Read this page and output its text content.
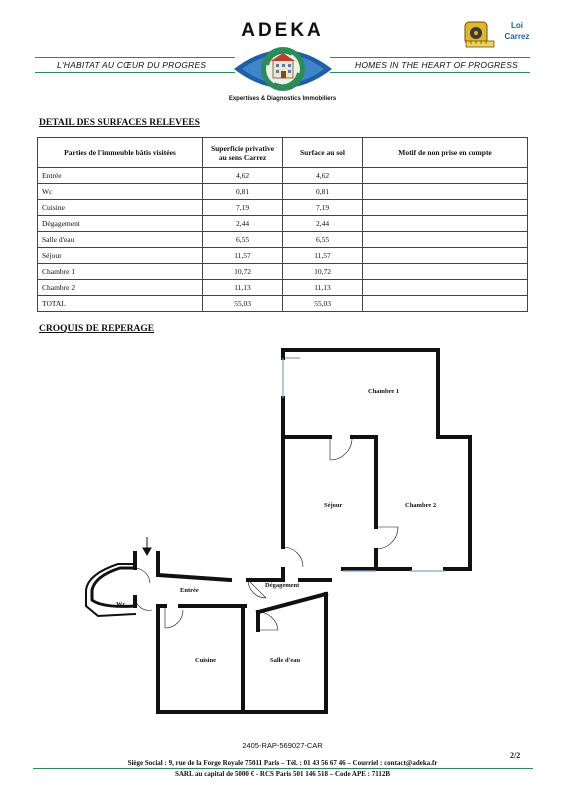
ADEKA
L'HABITAT AU CŒUR DU PROGRES	HOMES IN THE HEART OF PROGRESS
Expertises & Diagnostics Immobiliers
Loi
Carrez
DETAIL DES SURFACES RELEVEES
Parties de l'immeuble bâtis visitées	Superficie privative au sens Carrez	Surface au sol	Motif de non prise en compte
Entrée	4,62	4,62	
Wc	0,81	0,81	
Cuisine	7,19	7,19	
Dégagement	2,44	2,44	
Salle d'eau	6,55	6,55	
Séjour	11,57	11,57	
Chambre 1	10,72	10,72	
Chambre 2	11,13	11,13	
TOTAL	55,03	55,03	
CROQUIS DE REPERAGE
Chambre 1
Séjour	Chambre 2
Entrée
Dégagement
Wc
Cuisine	Salle d'eau
2405-RAP-569027-CAR
2/2
Siège Social : 9, rue de la Forge Royale 75011 Paris – Tél. : 01 43 56 67 46 – Courriel : contact@adeka.fr
SARL au capital de 5000 € - RCS Paris 501 146 518 – Code APE : 7112B
